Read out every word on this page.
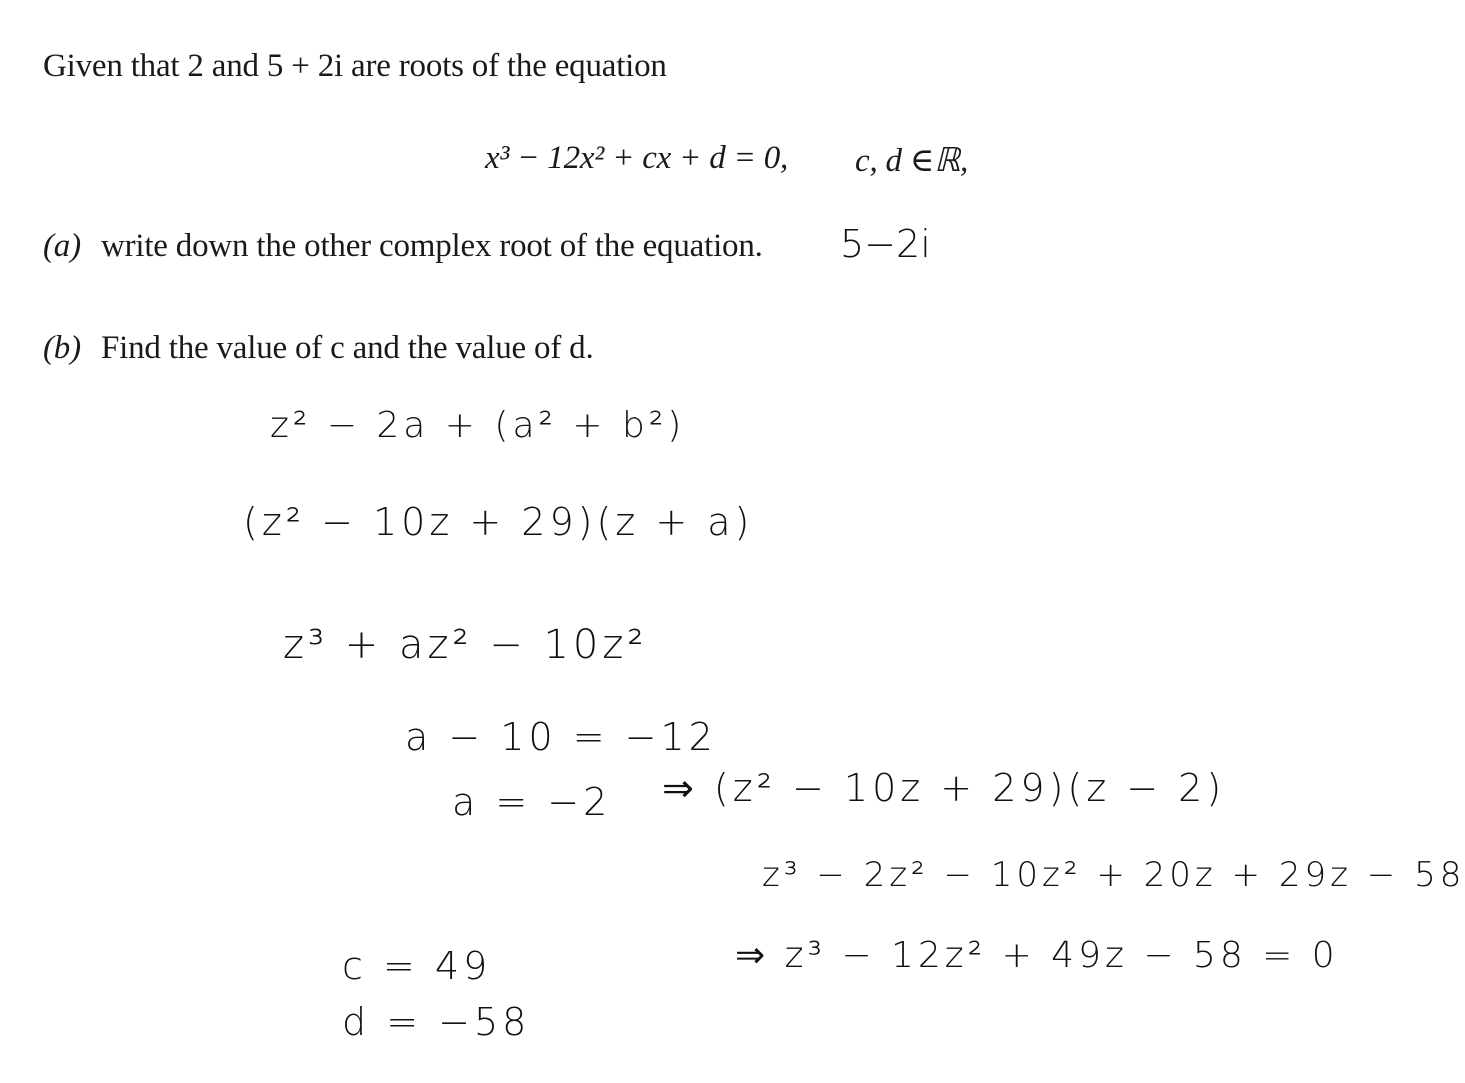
Given that 2 and 5 + 2i are roots of the equation
x³ − 12x² + cx + d = 0, c, d ∈ℝ,
(a) write down the other complex root of the equation.
(b) Find the value of c and the value of d.
5−2i
z² − 2a + (a² + b²)
(z² − 10z + 29)(z + a)
z³ + az² − 10z²
a − 10 = −12
a = −2 ⇒ (z² − 10z + 29)(z − 2)
z³ − 2z² − 10z² + 20z + 29z − 58
⇒ z³ − 12z² + 49z − 58 = 0
c = 49
d = −58
